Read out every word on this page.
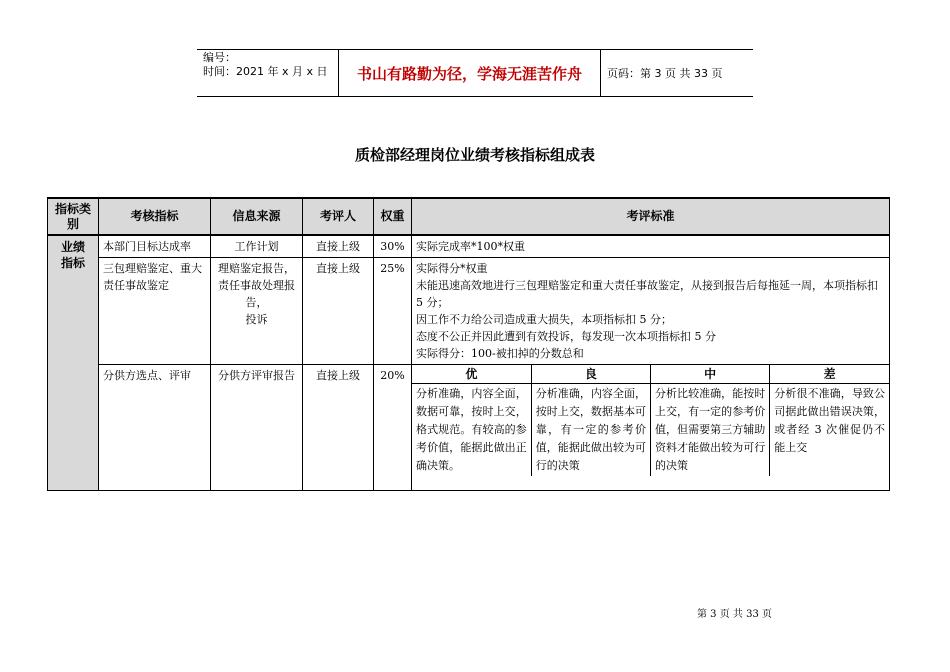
编号：
时间：2021 年 x 月 x 日	书山有路勤为径，学海无涯苦作舟	页码：第 3 页 共 33 页
质检部经理岗位业绩考核指标组成表
指标类别	考核指标	信息来源	考评人	权重	考评标准

业绩指标
	本部门目标达成率	工作计划	直接上级	30%	实际完成率*100*权重
三包理赔鉴定、重大责任事故鉴定	理赔鉴定报告，
责任事故处理报告，
投诉	直接上级	25%	实际得分*权重
未能迅速高效地进行三包理赔鉴定和重大责任事故鉴定，从接到报告后每拖延一周，本项指标扣 5 分；
因工作不力给公司造成重大损失，本项指标扣 5 分；
态度不公正并因此遭到有效投诉，每发现一次本项指标扣 5 分
实际得分：100-被扣掉的分数总和

分供方选点、评审	分供方评审报告	直接上级	20%		优	良	中	差
分析准确，内容全面，数据可靠，按时上交，格式规范。有较高的参考价值，能据此做出正确决策。	分析准确，内容全面，按时上交，数据基本可靠，有一定的参考价值，能据此做出较为可行的决策	分析比较准确，能按时上交，有一定的参考价值，但需要第三方辅助资料才能做出较为可行的决策	分析很不准确，导致公司据此做出错误决策，或者经 3 次催促仍不能上交
第 3 页 共 33 页
